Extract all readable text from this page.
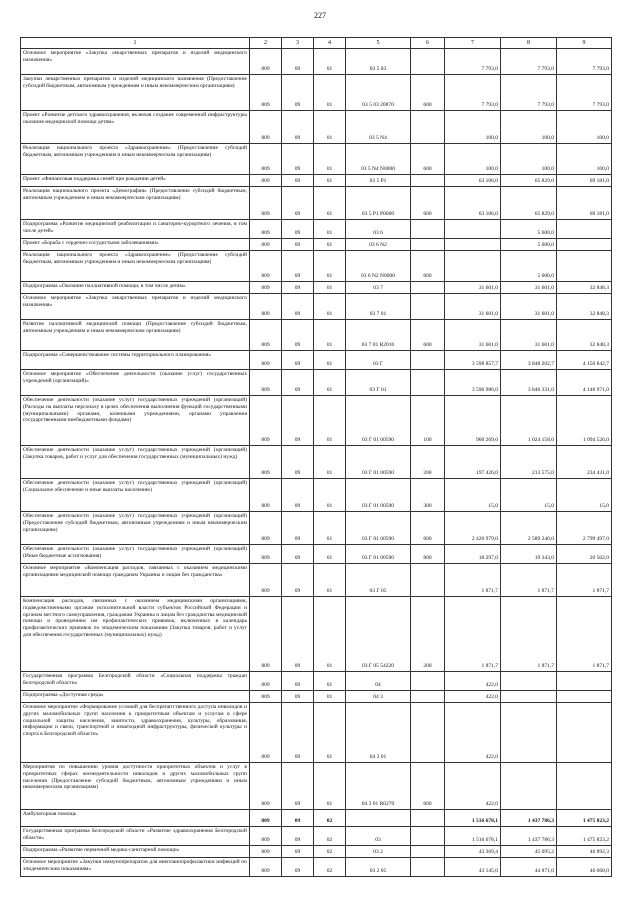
227
1	2	3	4	5	6	7	8	9
Основное мероприятие «Закупка лекарственных препаратов и изделий медицинского назначения»	809	09	01	03 5 03		7 793,0	7 793,0	7 793,0
Закупки лекарственных препаратов и изделий медицинского назначения (Предоставление субсидий бюджетным, автономным учреждениям и иным некоммерческим организациям)	809	09	01	03 5 03 20870	600	7 793,0	7 793,0	7 793,0
Проект «Развитие детского здравоохранения, включая создание современной инфраструктуры оказания медицинской помощи детям»	809	09	01	03 5 N4		100,0	100,0	100,0
Реализация национального проекта «Здравоохранение» (Предоставление субсидий бюджетным, автономным учреждениям и иным некоммерческим организациям)	809	09	01	03 5 N4 N0000	600	100,0	100,0	100,0
Проект «Финансовая поддержка семей при рождении детей»	809	09	01	03 5 P1		63 106,0	65 829,0	69 181,0
Реализация национального проекта «Демография» (Предоставление субсидий бюджетным, автономным учреждениям и иным некоммерческим организациям)	809	09	01	03 5 P1 P0000	600	63 106,0	65 829,0	69 181,0
Подпрограмма «Развитие медицинской реабилитации и санаторно-курортного лечения, в том числе детей»	809	09	01	03 6			5 600,0	
Проект «Борьба с сердечно-сосудистыми заболеваниями»	809	09	01	03 6 N2			5 600,0	
Реализация национального проекта «Здравоохранение» (Предоставление субсидий бюджетным, автономным учреждениям и иным некоммерческим организациям)	809	09	01	03 6 N2 N0000	600		5 600,0	
Подпрограмма «Оказание паллиативной помощи, в том числе детям»	809	09	01	03 7		31 601,0	31 601,0	32 848,3
Основное мероприятие «Закупка лекарственных препаратов и изделий медицинского назначения»	809	09	01	03 7 01		31 601,0	31 601,0	32 848,3
Развитие паллиативной медицинской помощи (Предоставление субсидий бюджетным, автономным учреждениям и иным некоммерческим организациям)	809	09	01	03 7 01 R2010	600	31 601,0	31 601,0	32 848,3
Подпрограмма «Совершенствование системы территориального планирования»	809	09	01	03 Г		3 598 857,7	3 848 202,7	4 150 842,7
Основное мероприятие «Обеспечение деятельности (оказание услуг) государственных учреждений (организаций)»	809	09	01	03 Г 01		3 596 986,0	3 846 331,0	4 148 971,0
Обеспечение деятельности (оказание услуг) государственных учреждений (организаций) (Расходы на выплаты персоналу в целях обеспечения выполнения функций государственными (муниципальными) органами, казенными учреждениями, органами управления государственными внебюджетными фондами)	809	09	01	03 Г 01 00590	100	960 269,0	1 024 158,0	1 094 526,0
Обеспечение деятельности (оказание услуг) государственных учреждений (организаций) (Закупка товаров, работ и услуг для обеспечения государственных (муниципальных) нужд)	809	09	01	03 Г 01 00590	200	197 426,0	213 575,0	234 431,0
Обеспечение деятельности (оказание услуг) государственных учреждений (организаций) (Социальное обеспечение и иные выплаты населению)	809	09	01	03 Г 01 00590	300	15,0	15,0	15,0
Обеспечение деятельности (оказание услуг) государственных учреждений (организаций) (Предоставление субсидий бюджетным, автономным учреждениям и иным некоммерческим организациям)	809	09	01	03 Г 01 00590	600	2 420 979,0	2 589 240,0	2 799 497,0
Обеспечение деятельности (оказание услуг) государственных учреждений (организаций) (Иные бюджетные ассигнования)	809	09	01	03 Г 01 00590	800	18 297,0	19 343,0	20 502,0
Основное мероприятие «Компенсация расходов, связанных с оказанием медицинскими организациями медицинской помощи гражданам Украины и лицам без гражданства»	809	09	01	03 Г 05		1 871,7	1 871,7	1 871,7
Компенсация расходов, связанных с оказанием медицинскими организациями, подведомственными органам исполнительной власти субъектов Российской Федерации и органам местного самоуправления, гражданам Украины и лицам без гражданства медицинской помощи и проведением им профилактических прививок, включенных в календарь профилактических прививок по эпидемическим показаниям (Закупка товаров, работ и услуг для обеспечения государственных (муниципальных) нужд)	809	09	01	03 Г 05 54220	200	1 871,7	1 871,7	1 871,7
Государственная программа Белгородской области «Социальная поддержка граждан Белгородской области»	809	09	01	04		422,0		
Подпрограмма «Доступная среда»	809	09	01	04 3		422,0		
Основное мероприятие «Формирование условий для беспрепятственного доступа инвалидов и других маломобильных групп населения к приоритетным объектам и услугам в сфере социальной защиты населения, занятости, здравоохранения, культуры, образования, информации и связи, транспортной и пешеходной инфраструктуры, физической культуры и спорта в Белгородской области»	809	09	01	04 3 01		422,0		
Мероприятия по повышению уровня доступности приоритетных объектов и услуг в приоритетных сферах жизнедеятельности инвалидов и других маломобильных групп населения (Предоставление субсидий бюджетным, автономным учреждениям и иным некоммерческим организациям)	809	09	01	04 3 01 R0270	600	422,0		
Амбулаторная помощь	809	09	02			1 516 678,1	1 437 786,3	1 475 823,2
Государственная программа Белгородской области «Развитие здравоохранения Белгородской области»	809	09	02	03		1 516 678,1	1 437 786,3	1 475 823,2
Подпрограмма «Развитие первичной медико-санитарной помощи»	809	09	02	03 2		43 369,4	45 095,2	46 892,3
Основное мероприятие «Закупки иммунопрепаратов для внепланопрофилактики инфекций по эпидемическим показаниям»	809	09	02	03 2 05		43 145,0	44 871,0	46 668,0
